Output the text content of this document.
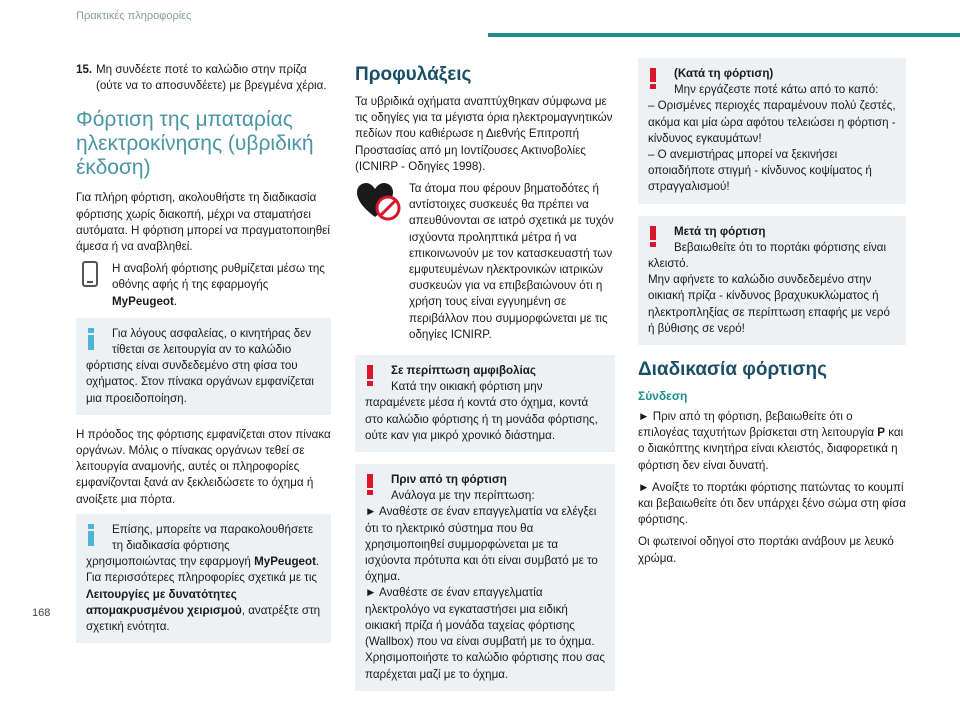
Πρακτικές πληροφορίες
15. Μη συνδέετε ποτέ το καλώδιο στην πρίζα (ούτε να το αποσυνδέετε) με βρεγμένα χέρια.
Φόρτιση της μπαταρίας ηλεκτροκίνησης (υβριδική έκδοση)

Για πλήρη φόρτιση, ακολουθήστε τη διαδικασία φόρτισης χωρίς διακοπή, μέχρι να σταματήσει αυτόματα. Η φόρτιση μπορεί να πραγματοποιηθεί άμεσα ή να αναβληθεί.

Η αναβολή φόρτισης ρυθμίζεται μέσω της οθόνης αφής ή της εφαρμογής MyPeugeot.
Για λόγους ασφαλείας, ο κινητήρας δεν τίθεται σε λειτουργία αν το καλώδιο φόρτισης είναι συνδεδεμένο στη φίσα του οχήματος. Στον πίνακα οργάνων εμφανίζεται μια προειδοποίηση.

Η πρόοδος της φόρτισης εμφανίζεται στον πίνακα οργάνων. Μόλις ο πίνακας οργάνων τεθεί σε λειτουργία αναμονής, αυτές οι πληροφορίες εμφανίζονται ξανά αν ξεκλειδώσετε το όχημα ή ανοίξετε μια πόρτα.

Επίσης, μπορείτε να παρακολουθήσετε τη διαδικασία φόρτισης χρησιμοποιώντας την εφαρμογή MyPeugeot.
Για περισσότερες πληροφορίες σχετικά με τις Λειτουργίες με δυνατότητες απομακρυσμένου χειρισμού, ανατρέξτε στη σχετική ενότητα.
Προφυλάξεις

Τα υβριδικά οχήματα αναπτύχθηκαν σύμφωνα με τις οδηγίες για τα μέγιστα όρια ηλεκτρομαγνητικών πεδίων που καθιέρωσε η Διεθνής Επιτροπή Προστασίας από μη Ιοντίζουσες Ακτινοβολίες (ICNIRP - Οδηγίες 1998).

Τα άτομα που φέρουν βηματοδότες ή αντίστοιχες συσκευές θα πρέπει να απευθύνονται σε ιατρό σχετικά με τυχόν ισχύοντα προληπτικά μέτρα ή να επικοινωνούν με τον κατασκευαστή των εμφυτευμένων ηλεκτρονικών ιατρικών συσκευών για να επιβεβαιώνουν ότι η χρήση τους είναι εγγυημένη σε περιβάλλον που συμμορφώνεται με τις οδηγίες ICNIRP.
Σε περίπτωση αμφιβολίας
Κατά την οικιακή φόρτιση μην παραμένετε μέσα ή κοντά στο όχημα, κοντά στο καλώδιο φόρτισης ή τη μονάδα φόρτισης, ούτε καν για μικρό χρονικό διάστημα.
Πριν από τη φόρτιση
Ανάλογα με την περίπτωση:
► Αναθέστε σε έναν επαγγελματία να ελέγξει ότι το ηλεκτρικό σύστημα που θα χρησιμοποιηθεί συμμορφώνεται με τα ισχύοντα πρότυπα και ότι είναι συμβατό με το όχημα.
► Αναθέστε σε έναν επαγγελματία ηλεκτρολόγο να εγκαταστήσει μια ειδική οικιακή πρίζα ή μονάδα ταχείας φόρτισης (Wallbox) που να είναι συμβατή με το όχημα.
Χρησιμοποιήστε το καλώδιο φόρτισης που σας παρέχεται μαζί με το όχημα.
(Κατά τη φόρτιση)
Μην εργάζεστε ποτέ κάτω από το καπό:
– Ορισμένες περιοχές παραμένουν πολύ ζεστές, ακόμα και μία ώρα αφότου τελειώσει η φόρτιση - κίνδυνος εγκαυμάτων!
– Ο ανεμιστήρας μπορεί να ξεκινήσει οποιαδήποτε στιγμή - κίνδυνος κοψίματος ή στραγγαλισμού!
Μετά τη φόρτιση
Βεβαιωθείτε ότι το πορτάκι φόρτισης είναι κλειστό.
Μην αφήνετε το καλώδιο συνδεδεμένο στην οικιακή πρίζα - κίνδυνος βραχυκυκλώματος ή ηλεκτροπληξίας σε περίπτωση επαφής με νερό ή βύθισης σε νερό!
Διαδικασία φόρτισης
Σύνδεση

► Πριν από τη φόρτιση, βεβαιωθείτε ότι ο επιλογέας ταχυτήτων βρίσκεται στη λειτουργία P και ο διακόπτης κινητήρα είναι κλειστός, διαφορετικά η φόρτιση δεν είναι δυνατή.

► Ανοίξτε το πορτάκι φόρτισης πατώντας το κουμπί και βεβαιωθείτε ότι δεν υπάρχει ξένο σώμα στη φίσα φόρτισης.

Οι φωτεινοί οδηγοί στο πορτάκι ανάβουν με λευκό χρώμα.

168
